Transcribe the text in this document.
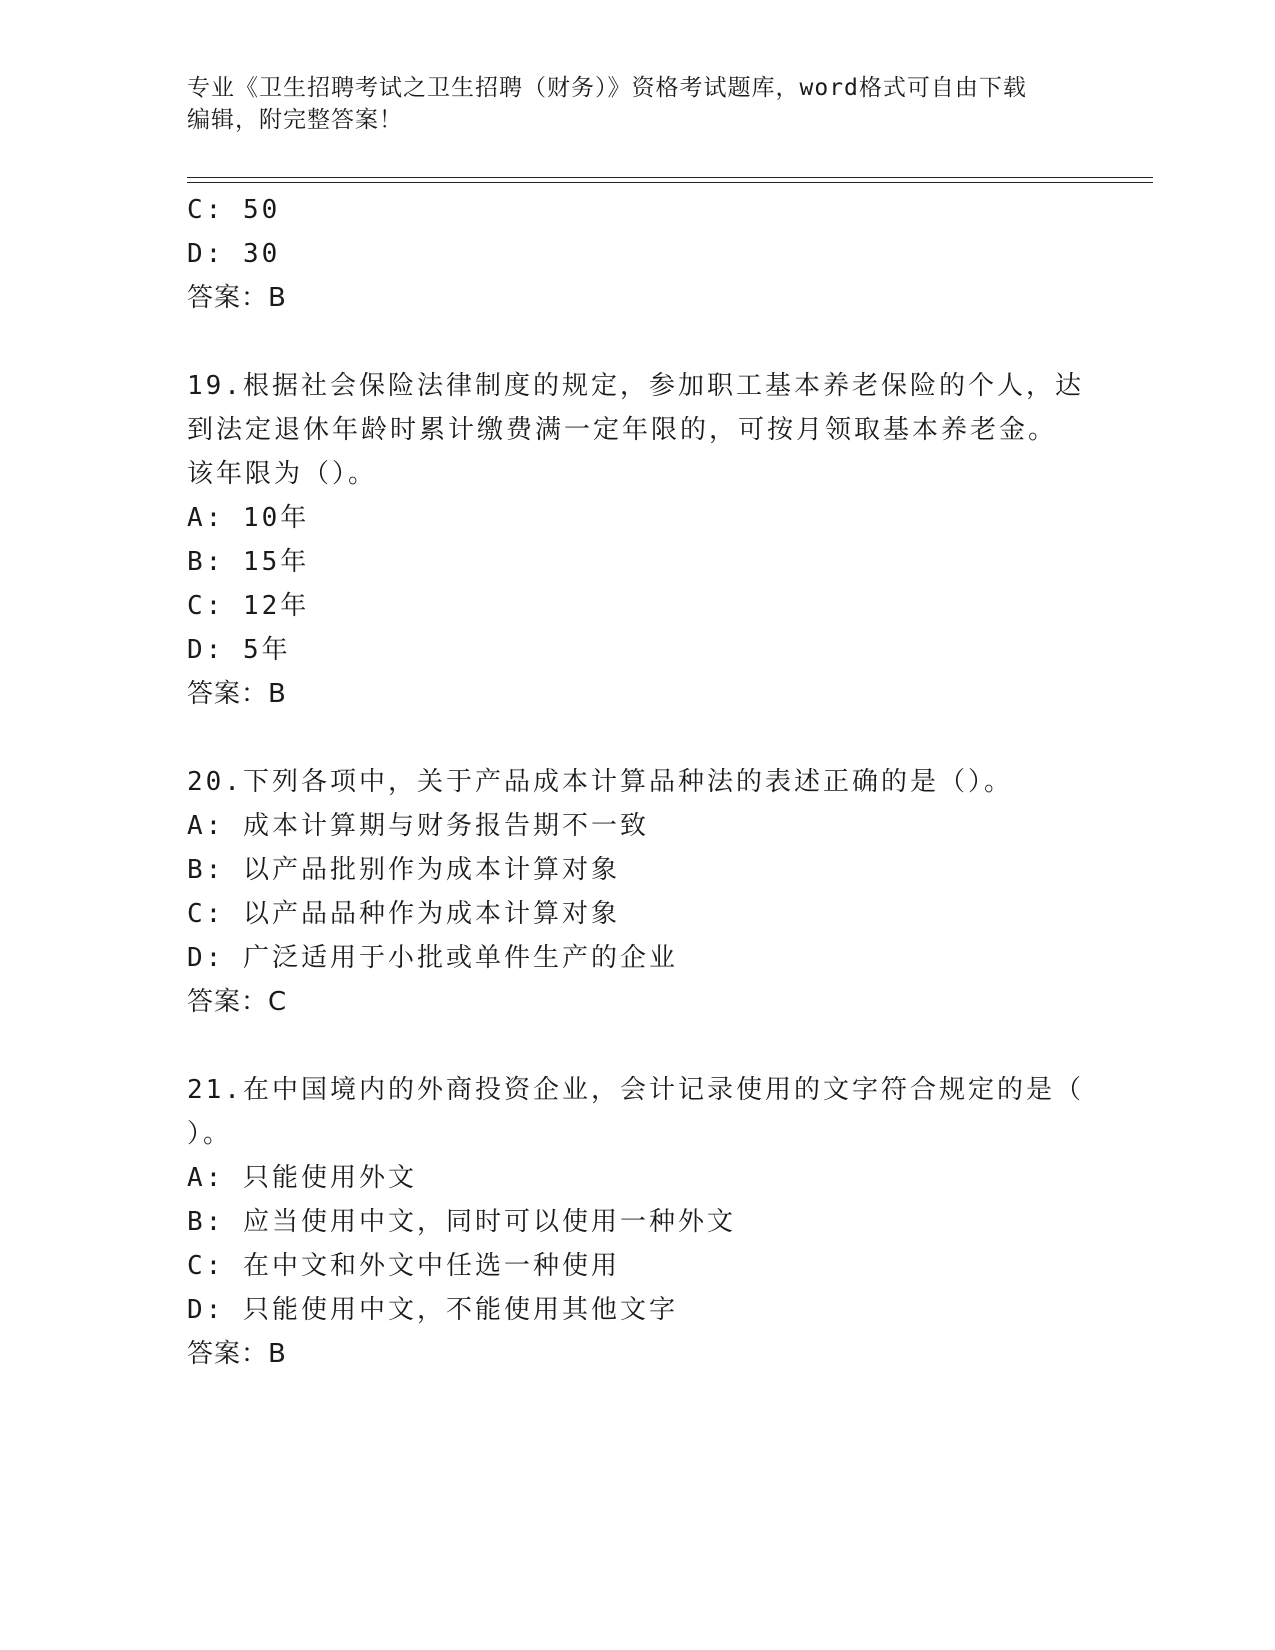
专业《卫生招聘考试之卫生招聘（财务）》资格考试题库，word格式可自由下载
编辑，附完整答案！
C: 50
D: 30
答案：B
19.根据社会保险法律制度的规定，参加职工基本养老保险的个人，达
到法定退休年龄时累计缴费满一定年限的，可按月领取基本养老金。
该年限为（）。
A: 10年
B: 15年
C: 12年
D: 5年
答案：B
20.下列各项中，关于产品成本计算品种法的表述正确的是（）。
A: 成本计算期与财务报告期不一致
B: 以产品批别作为成本计算对象
C: 以产品品种作为成本计算对象
D: 广泛适用于小批或单件生产的企业
答案：C
21.在中国境内的外商投资企业，会计记录使用的文字符合规定的是（
）。
A: 只能使用外文
B: 应当使用中文，同时可以使用一种外文
C: 在中文和外文中任选一种使用
D: 只能使用中文，不能使用其他文字
答案：B
